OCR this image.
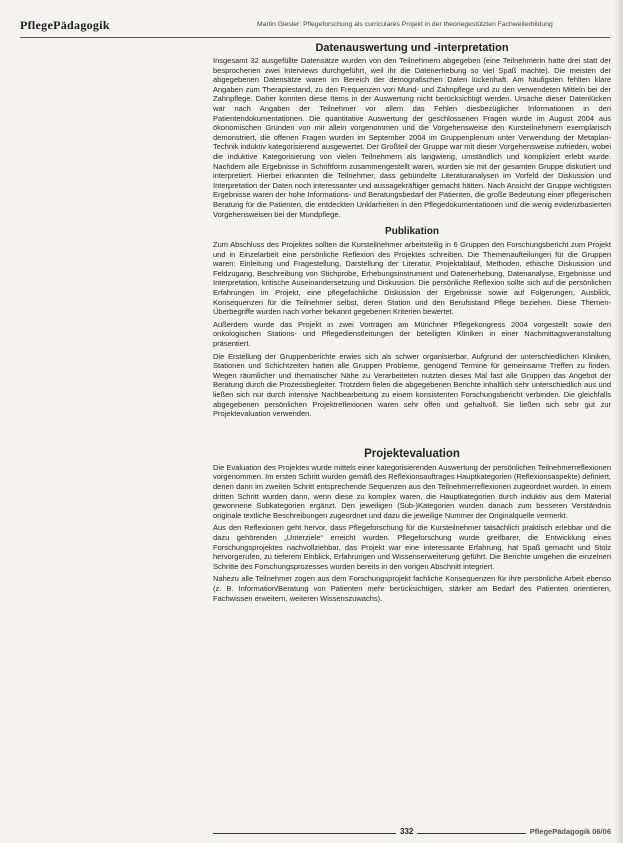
PflegePädagogik	Martin Giesler: Pflegeforschung als curriculares Projekt in der theoriegestützten Fachweiterbildung
Datenauswertung und -interpretation

Insgesamt 32 ausgefüllte Datensätze wurden von den Teilnehmern abgegeben (eine Teilnehmerin hatte drei statt der besprochenen zwei Interviews durchgeführt, weil ihr die Datenerhebung so viel Spaß machte). Die meisten der abgegebenen Datensätze waren im Bereich der demografischen Daten lückenhaft. Am häufigsten fehlten klare Angaben zum Therapiestand, zu den Frequenzen von Mund- und Zahnpflege und zu den verwendeten Mitteln bei der Zahnpflege. Daher konnten diese Items in der Auswertung nicht berücksichtigt werden. Ursache dieser Datenlücken war nach Angaben der Teilnehmer vor allem das Fehlen diesbezüglicher Informationen in den Patientendokumentationen. Die quantitative Auswertung der geschlossenen Fragen wurde im August 2004 aus ökonomischen Gründen von mir allein vorgenommen und die Vorgehensweise den Kursteilnehmern exemplarisch demonstriert, die offenen Fragen wurden im September 2004 im Gruppenplenum unter Verwendung der Metaplan-Technik induktiv kategorisierend ausgewertet. Der Großteil der Gruppe war mit dieser Vorgehensweise zufrieden, wobei die induktive Kategorisierung von vielen Teilnehmern als langwierig, umständlich und kompliziert erlebt wurde. Nachdem alle Ergebnisse in Schriftform zusammengestellt waren, wurden sie mit der gesamten Gruppe diskutiert und interpretiert. Hierbei erkannten die Teilnehmer, dass gebündelte Literaturanalysen im Vorfeld der Diskussion und Interpretation der Daten noch interessanter und aussagekräftiger gemacht hätten. Nach Ansicht der Gruppe wichtigsten Ergebnisse waren der hohe Informations- und Beratungsbedarf der Patienten, die große Bedeutung einer pflegerischen Beratung für die Patienten, die entdeckten Unklarheiten in den Pflegedokumentationen und die wenig evidenzbasierten Vorgehensweisen bei der Mundpflege.

Publikation

Zum Abschluss des Projektes sollten die Kursteilnehmer arbeitsteilig in 6 Gruppen den Forschungsbericht zum Projekt und in Einzelarbeit eine persönliche Reflexion des Projektes schreiben. Die Themenaufteilungen für die Gruppen waren: Einleitung und Fragestellung, Darstellung der Literatur, Projektablauf, Methoden, ethische Diskussion und Feldzugang, Beschreibung von Stichprobe, Erhebungsinstrument und Datenerhebung, Datenanalyse, Ergebnisse und Interpretation, kritische Auseinandersetzung und Diskussion. Die persönliche Reflexion sollte sich auf die persönlichen Erfahrungen im Projekt, eine pflegefachliche Diskussion der Ergebnisse sowie auf Folgerungen, Ausblick, Konsequenzen für die Teilnehmer selbst, deren Station und den Berufsstand Pflege beziehen. Diese Themen-Überbegriffe wurden nach vorher bekannt gegebenen Kriterien bewertet.

Außerdem wurde das Projekt in zwei Vorträgen am Münchner Pflegekongress 2004 vorgestellt sowie den onkologischen Stations- und Pflegedienstleitungen der beteiligten Kliniken in einer Nachmittagsveranstaltung präsentiert.

Die Erstellung der Gruppenberichte erwies sich als schwer organisierbar. Aufgrund der unterschiedlichen Kliniken, Stationen und Schichtzeiten hatten alle Gruppen Probleme, genügend Termine für gemeinsame Treffen zu finden. Wegen räumlicher und thematischer Nähe zu Verarbeiteten nutzten dieses Mal fast alle Gruppen das Angebot der Beratung durch die Prozessbegleiter. Trotzdem fielen die abgegebenen Berichte inhaltlich sehr unterschiedlich aus und ließen sich nur durch intensive Nachbearbeitung zu einem konsistenten Forschungsbericht verbinden. Die gleichfalls abgegebenen persönlichen Projektreflexionen waren sehr offen und gehaltvoll. Sie ließen sich sehr gut zur Projektevaluation verwenden.

Projektevaluation

Die Evaluation des Projektes wurde mittels einer kategorisierenden Auswertung der persönlichen Teilnehmerreflexionen vorgenommen. Im ersten Schritt wurden gemäß des Reflexionsauftrages Hauptkategorien (Reflexionsaspekte) definiert, denen dann im zweiten Schritt entsprechende Sequenzen aus den Teilnehmerreflexionen zugeordnet wurden. In einem dritten Schritt wurden dann, wenn diese zu komplex waren, die Hauptkategorien durch induktiv aus dem Material gewonnene Subkategorien ergänzt. Den jeweiligen (Sub-)Kategorien wurden danach zum besseren Verständnis originale textliche Beschreibungen zugeordnet und dazu die jeweilige Nummer der Originalquelle vermerkt.

Aus den Reflexionen geht hervor, dass Pflegeforschung für die Kursteilnehmer tatsächlich praktisch erlebbar und die dazu gehörenden „Unterziele“ erreicht wurden. Pflegeforschung wurde greifbarer, die Entwicklung eines Forschungsprojektes nachvollziehbar, das Projekt war eine interessante Erfahrung, hat Spaß gemacht und Stolz hervorgerufen, zu tieferem Einblick, Erfahrungen und Wissenserweiterung geführt. Die Berichte umgehen die einzelnen Schritte des Forschungsprozesses wurden bereits in den vorigen Abschnitt integriert.

Nahezu alle Teilnehmer zogen aus dem Forschungsprojekt fachliche Konsequenzen für ihre persönliche Arbeit ebenso (z. B. Information/Beratung von Patienten mehr berücksichtigen, stärker am Bedarf des Patienten orientieren, Fachwissen erweitern, weiteren Wissenszuwachs).

332	PflegePädagogik 06/06
